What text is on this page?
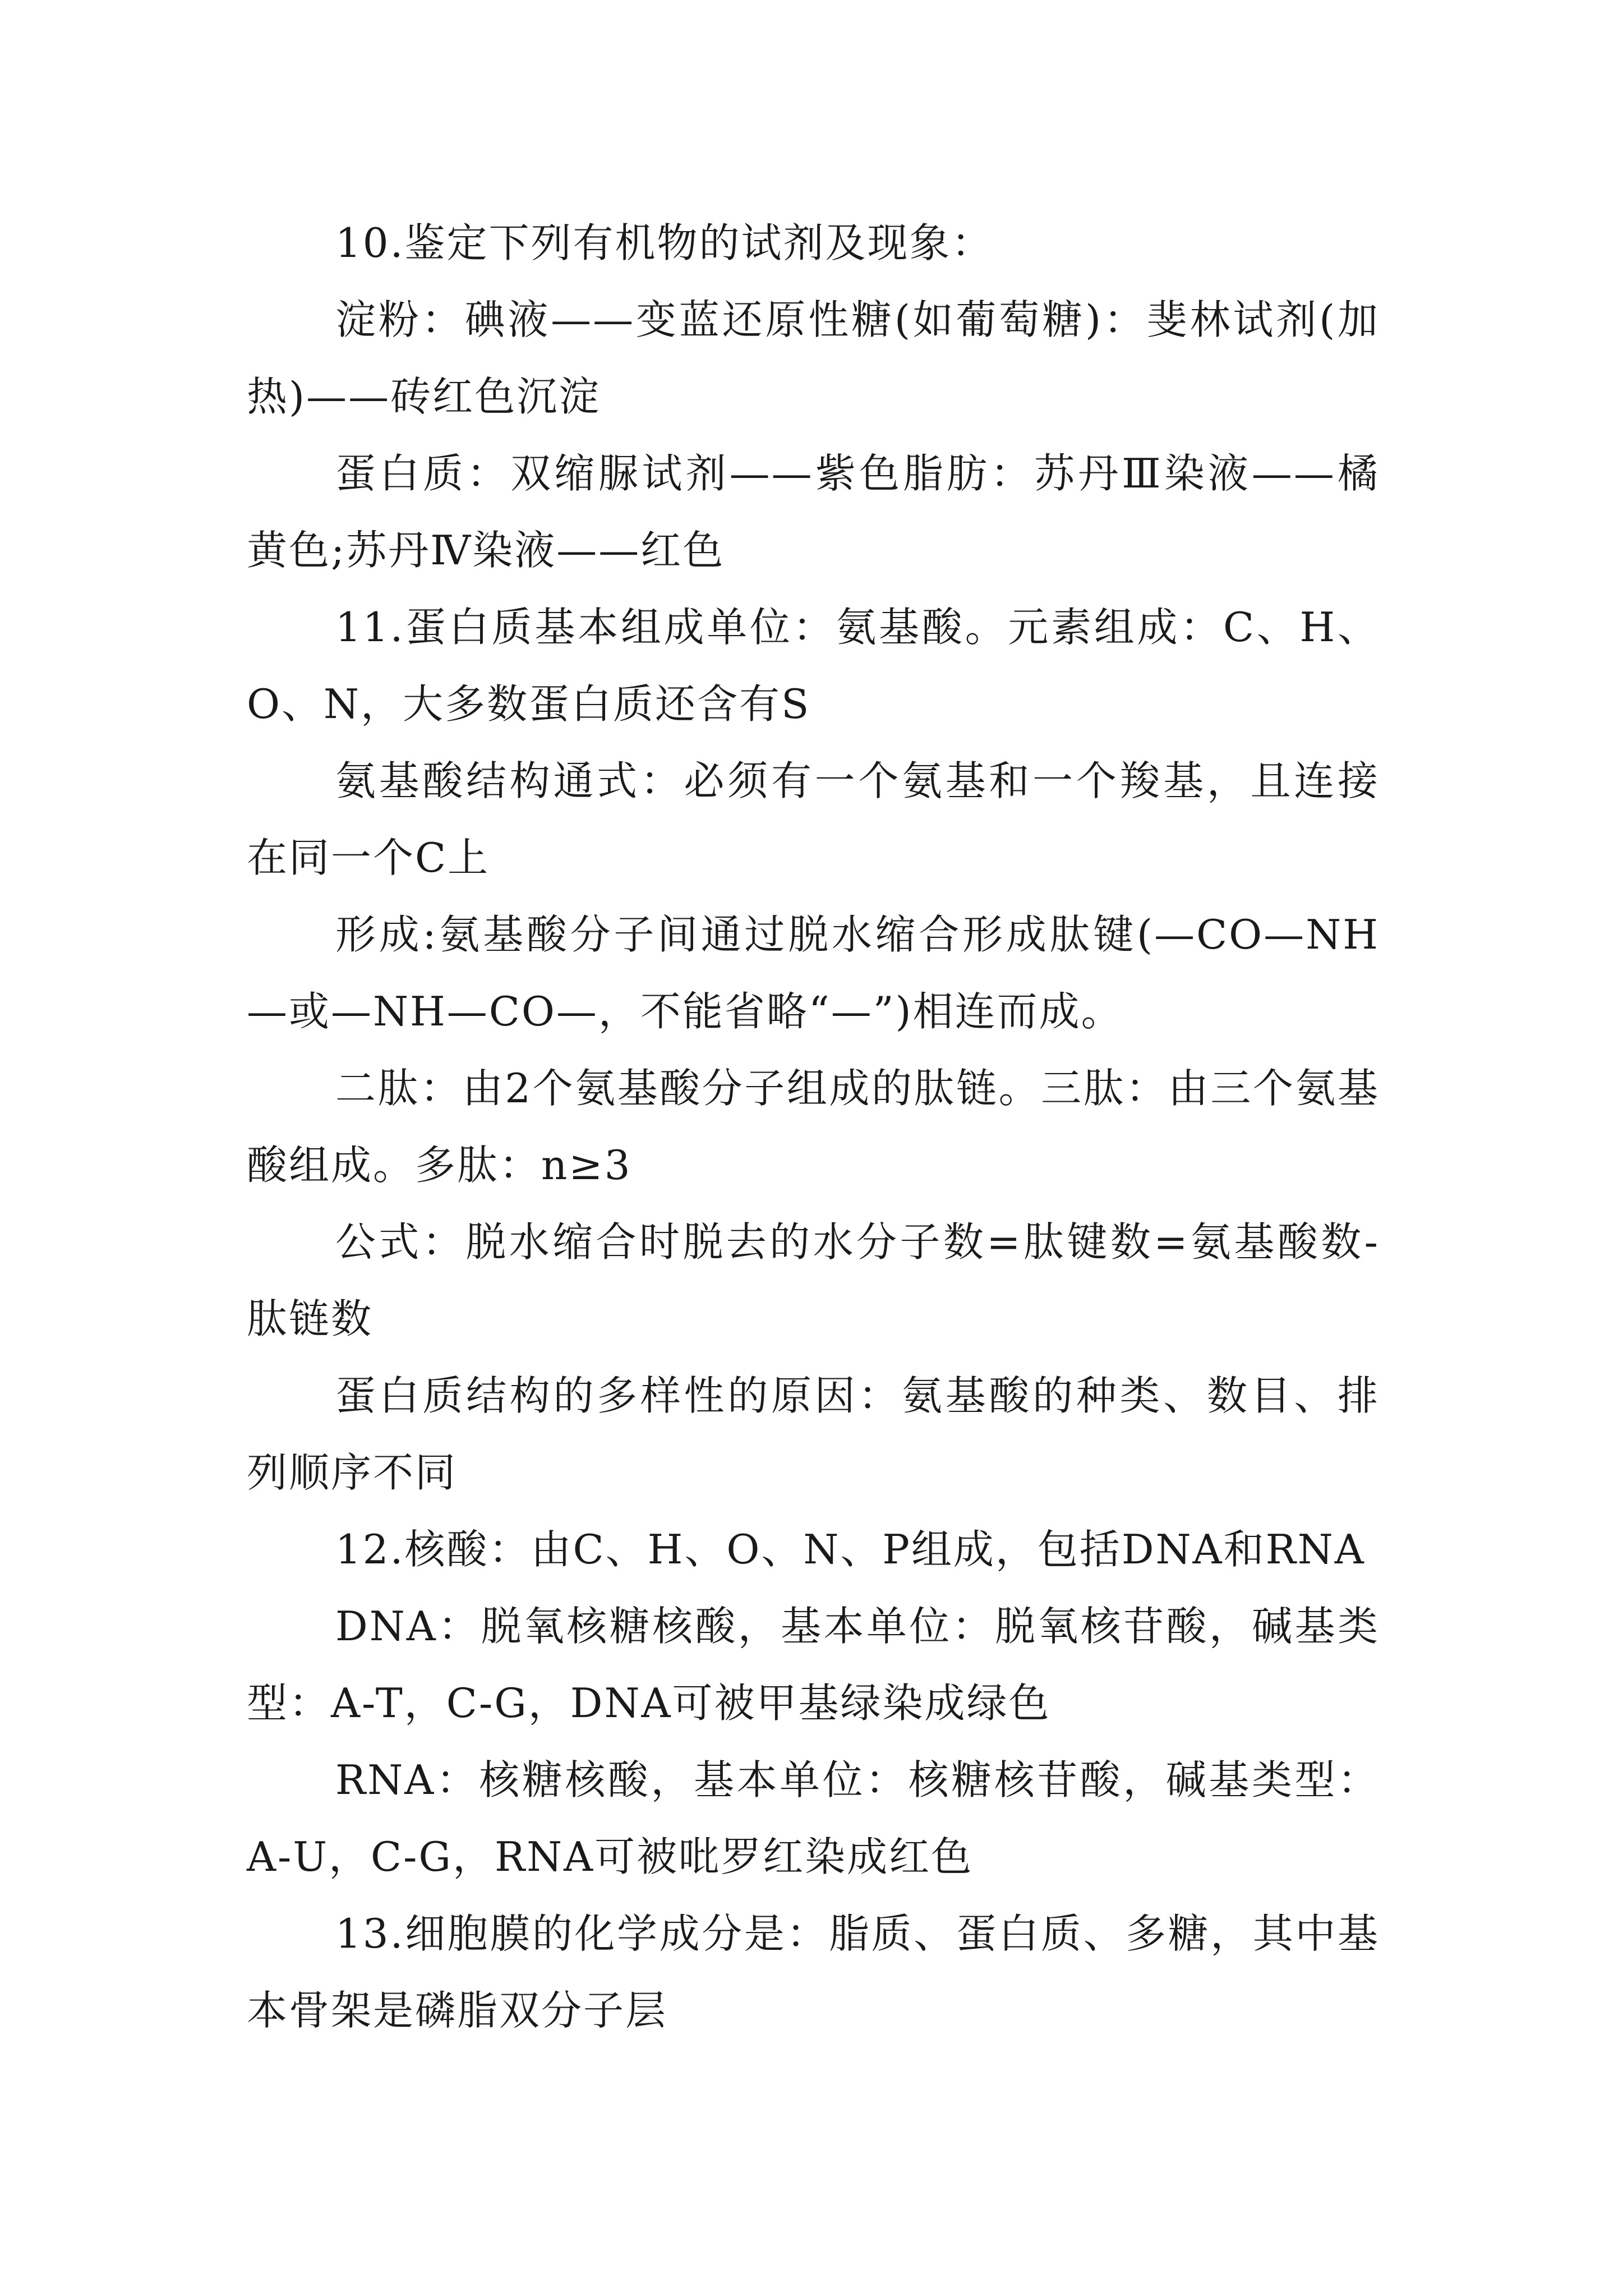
10.鉴定下列有机物的试剂及现象：

淀粉：碘液——变蓝还原性糖(如葡萄糖)：斐林试剂(加热)——砖红色沉淀

蛋白质：双缩脲试剂——紫色脂肪：苏丹Ⅲ染液——橘黄色;苏丹Ⅳ染液——红色

11.蛋白质基本组成单位：氨基酸。元素组成：C、H、O、N，大多数蛋白质还含有S

氨基酸结构通式：必须有一个氨基和一个羧基，且连接在同一个C上

形成:氨基酸分子间通过脱水缩合形成肽键(—CO—NH—或—NH—CO—，不能省略“—”)相连而成。

二肽：由2个氨基酸分子组成的肽链。三肽：由三个氨基酸组成。多肽：n≥3

公式：脱水缩合时脱去的水分子数=肽键数=氨基酸数-肽链数

蛋白质结构的多样性的原因：氨基酸的种类、数目、排列顺序不同

12.核酸：由C、H、O、N、P组成，包括DNA和RNA

DNA：脱氧核糖核酸，基本单位：脱氧核苷酸，碱基类型：A-T，C-G，DNA可被甲基绿染成绿色

RNA：核糖核酸，基本单位：核糖核苷酸，碱基类型：A-U，C-G，RNA可被吡罗红染成红色

13.细胞膜的化学成分是：脂质、蛋白质、多糖，其中基本骨架是磷脂双分子层
